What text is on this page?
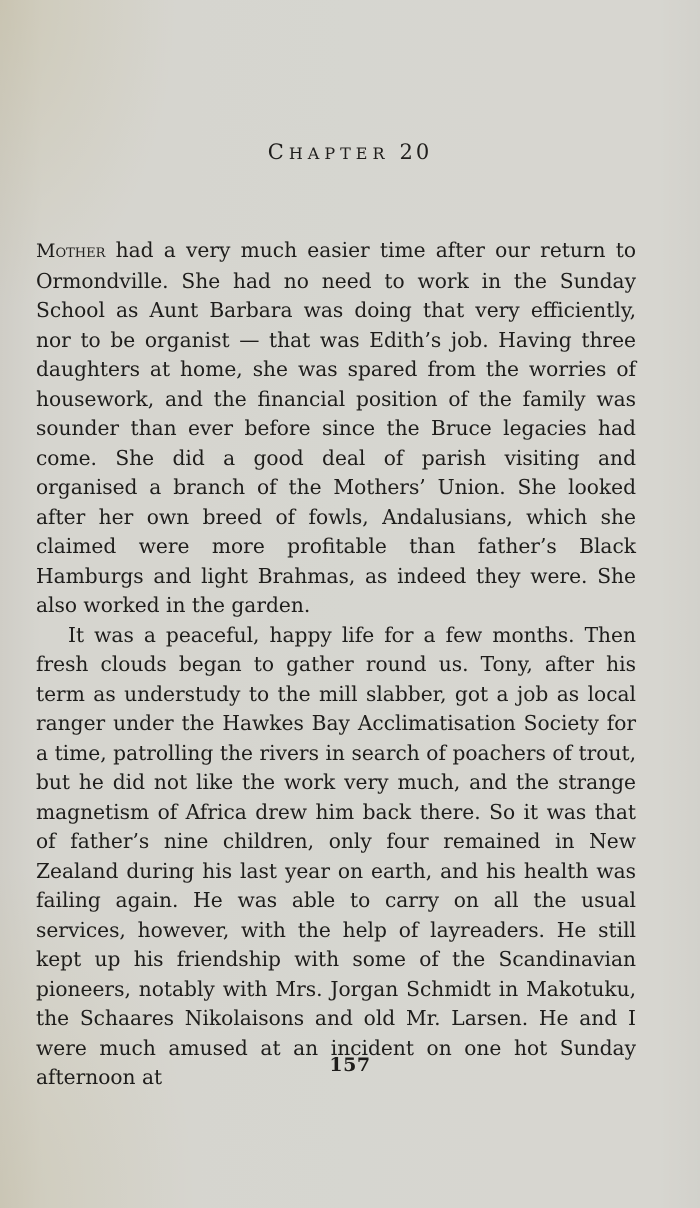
CHAPTER 20

Mother had a very much easier time after our return to Ormondville. She had no need to work in the Sunday School as Aunt Barbara was doing that very efficiently, nor to be organist — that was Edith’s job. Having three daughters at home, she was spared from the worries of housework, and the financial position of the family was sounder than ever before since the Bruce legacies had come. She did a good deal of parish visiting and organised a branch of the Mothers’ Union. She looked after her own breed of fowls, Andalusians, which she claimed were more profitable than father’s Black Hamburgs and light Brahmas, as indeed they were. She also worked in the garden.

It was a peaceful, happy life for a few months. Then fresh clouds began to gather round us. Tony, after his term as understudy to the mill slabber, got a job as local ranger under the Hawkes Bay Acclimatisation Society for a time, patrolling the rivers in search of poachers of trout, but he did not like the work very much, and the strange magnetism of Africa drew him back there. So it was that of father’s nine children, only four remained in New Zealand during his last year on earth, and his health was failing again. He was able to carry on all the usual services, however, with the help of layreaders. He still kept up his friendship with some of the Scandinavian pioneers, notably with Mrs. Jorgan Schmidt in Makotuku, the Schaares Nikolaisons and old Mr. Larsen. He and I were much amused at an incident on one hot Sunday afternoon at	157
